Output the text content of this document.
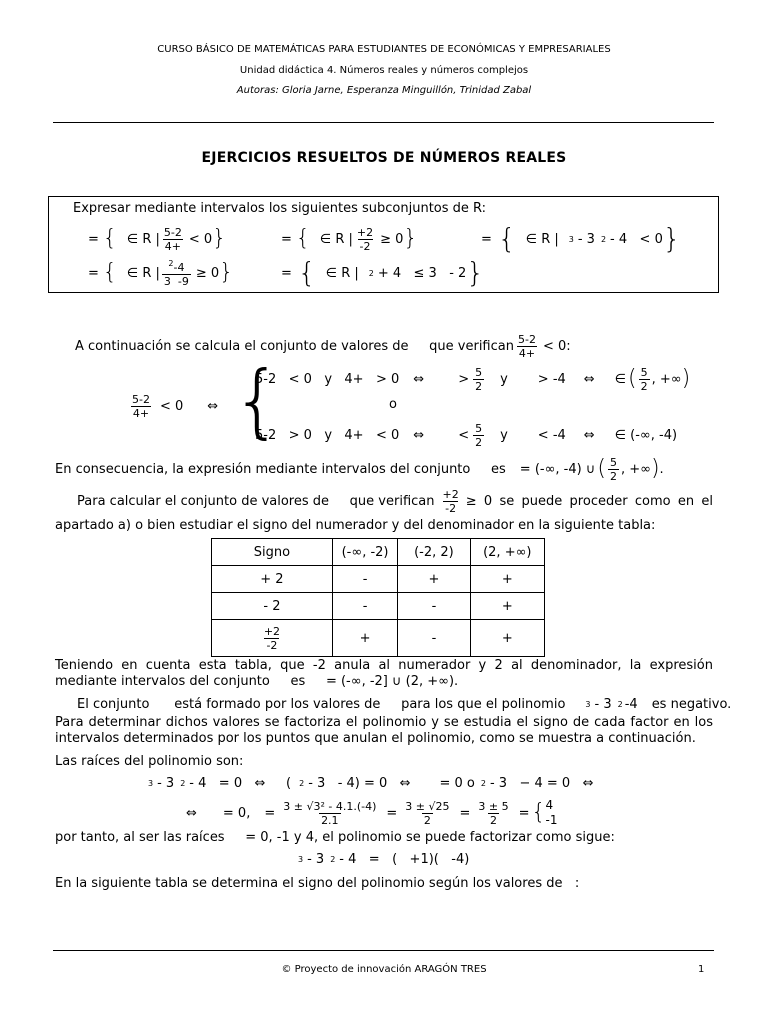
CURSO BÁSICO DE MATEMÁTICAS PARA ESTUDIANTES DE ECONÓMICAS Y EMPRESARIALES
Unidad didáctica 4. Números reales y números complejos
Autoras: Gloria Jarne, Esperanza Minguillón, Trinidad Zabal
EJERCICIOS RESUELTOS DE NÚMEROS REALES
Expresar mediante intervalos los siguientes subconjuntos de R:
= { ∈ R | $\frac{5-2}{4+} < 0$ }	= { ∈ R | $\frac{+2}{-2} \ge 0$ }	= { ∈ R | 3 - 3 2 - 4   < 0 }
= { ∈ R | $\frac{^2-4}{3 -9} \ge 0$ }	= { ∈ R | 2 + 4   ≤ 3   - 2 }
A continuación se calcula el conjunto de valores de     que verifican $\frac{5-2}{4+} < 0$:
$\frac{5-2}{4+} < 0$ ⇔ {
5-2   < 0   y   4+   > 0 ⇔	> $\frac{5}{2}$ y > -4 ⇔ ∈ ( $\frac{5}{2}$ , +∞ )
o
5-2   > 0   y   4+   < 0 ⇔	< $\frac{5}{2}$ y < -4 ⇔ ∈ (-∞, -4)
En consecuencia, la expresión mediante intervalos del conjunto     es = (-∞, -4) ∪ ( $\frac{5}{2}$ , +∞ ) .
Para calcular el conjunto de valores de     que verifican $\frac{+2}{-2} \ge 0$ se puede proceder como en el
apartado a) o bien estudiar el signo del numerador y del denominador en la siguiente tabla:
Signo	(-∞, -2)	(-2, 2)	(2, +∞)
+ 2	-	+	+
- 2	-	-	+

$\frac{+2}{-2}$	+	-	+
Teniendo en cuenta esta tabla, que -2 anula al numerador y 2 al denominador, la expresión
mediante intervalos del conjunto     es     = (-∞, -2] ∪ (2, +∞).
El conjunto      está formado por los valores de     para los que el polinomio	3 - 3 2 -4 es negativo.
Para determinar dichos valores se factoriza el polinomio y se estudia el signo de cada factor en los
intervalos determinados por los puntos que anulan el polinomio, como se muestra a continuación.
Las raíces del polinomio son:
3 - 3 2 - 4   = 0   ⇔     ( 2 - 3   - 4) = 0   ⇔       = 0 o 2 - 3   − 4 = 0   ⇔
⇔ = 0, = $\frac{\text{3 ± √3² - 4.1.(-4)}}{2.1} = \frac{3 \pm √25}{2} = \frac{3 \pm 5}{2}$ = { 4
-1
por tanto, al ser las raíces     = 0, -1 y 4, el polinomio se puede factorizar como sigue:
3 - 3 2 - 4   =   (   +1)(   -4)
En la siguiente tabla se determina el signo del polinomio según los valores de   :
© Proyecto de innovación ARAGÓN TRES	1
